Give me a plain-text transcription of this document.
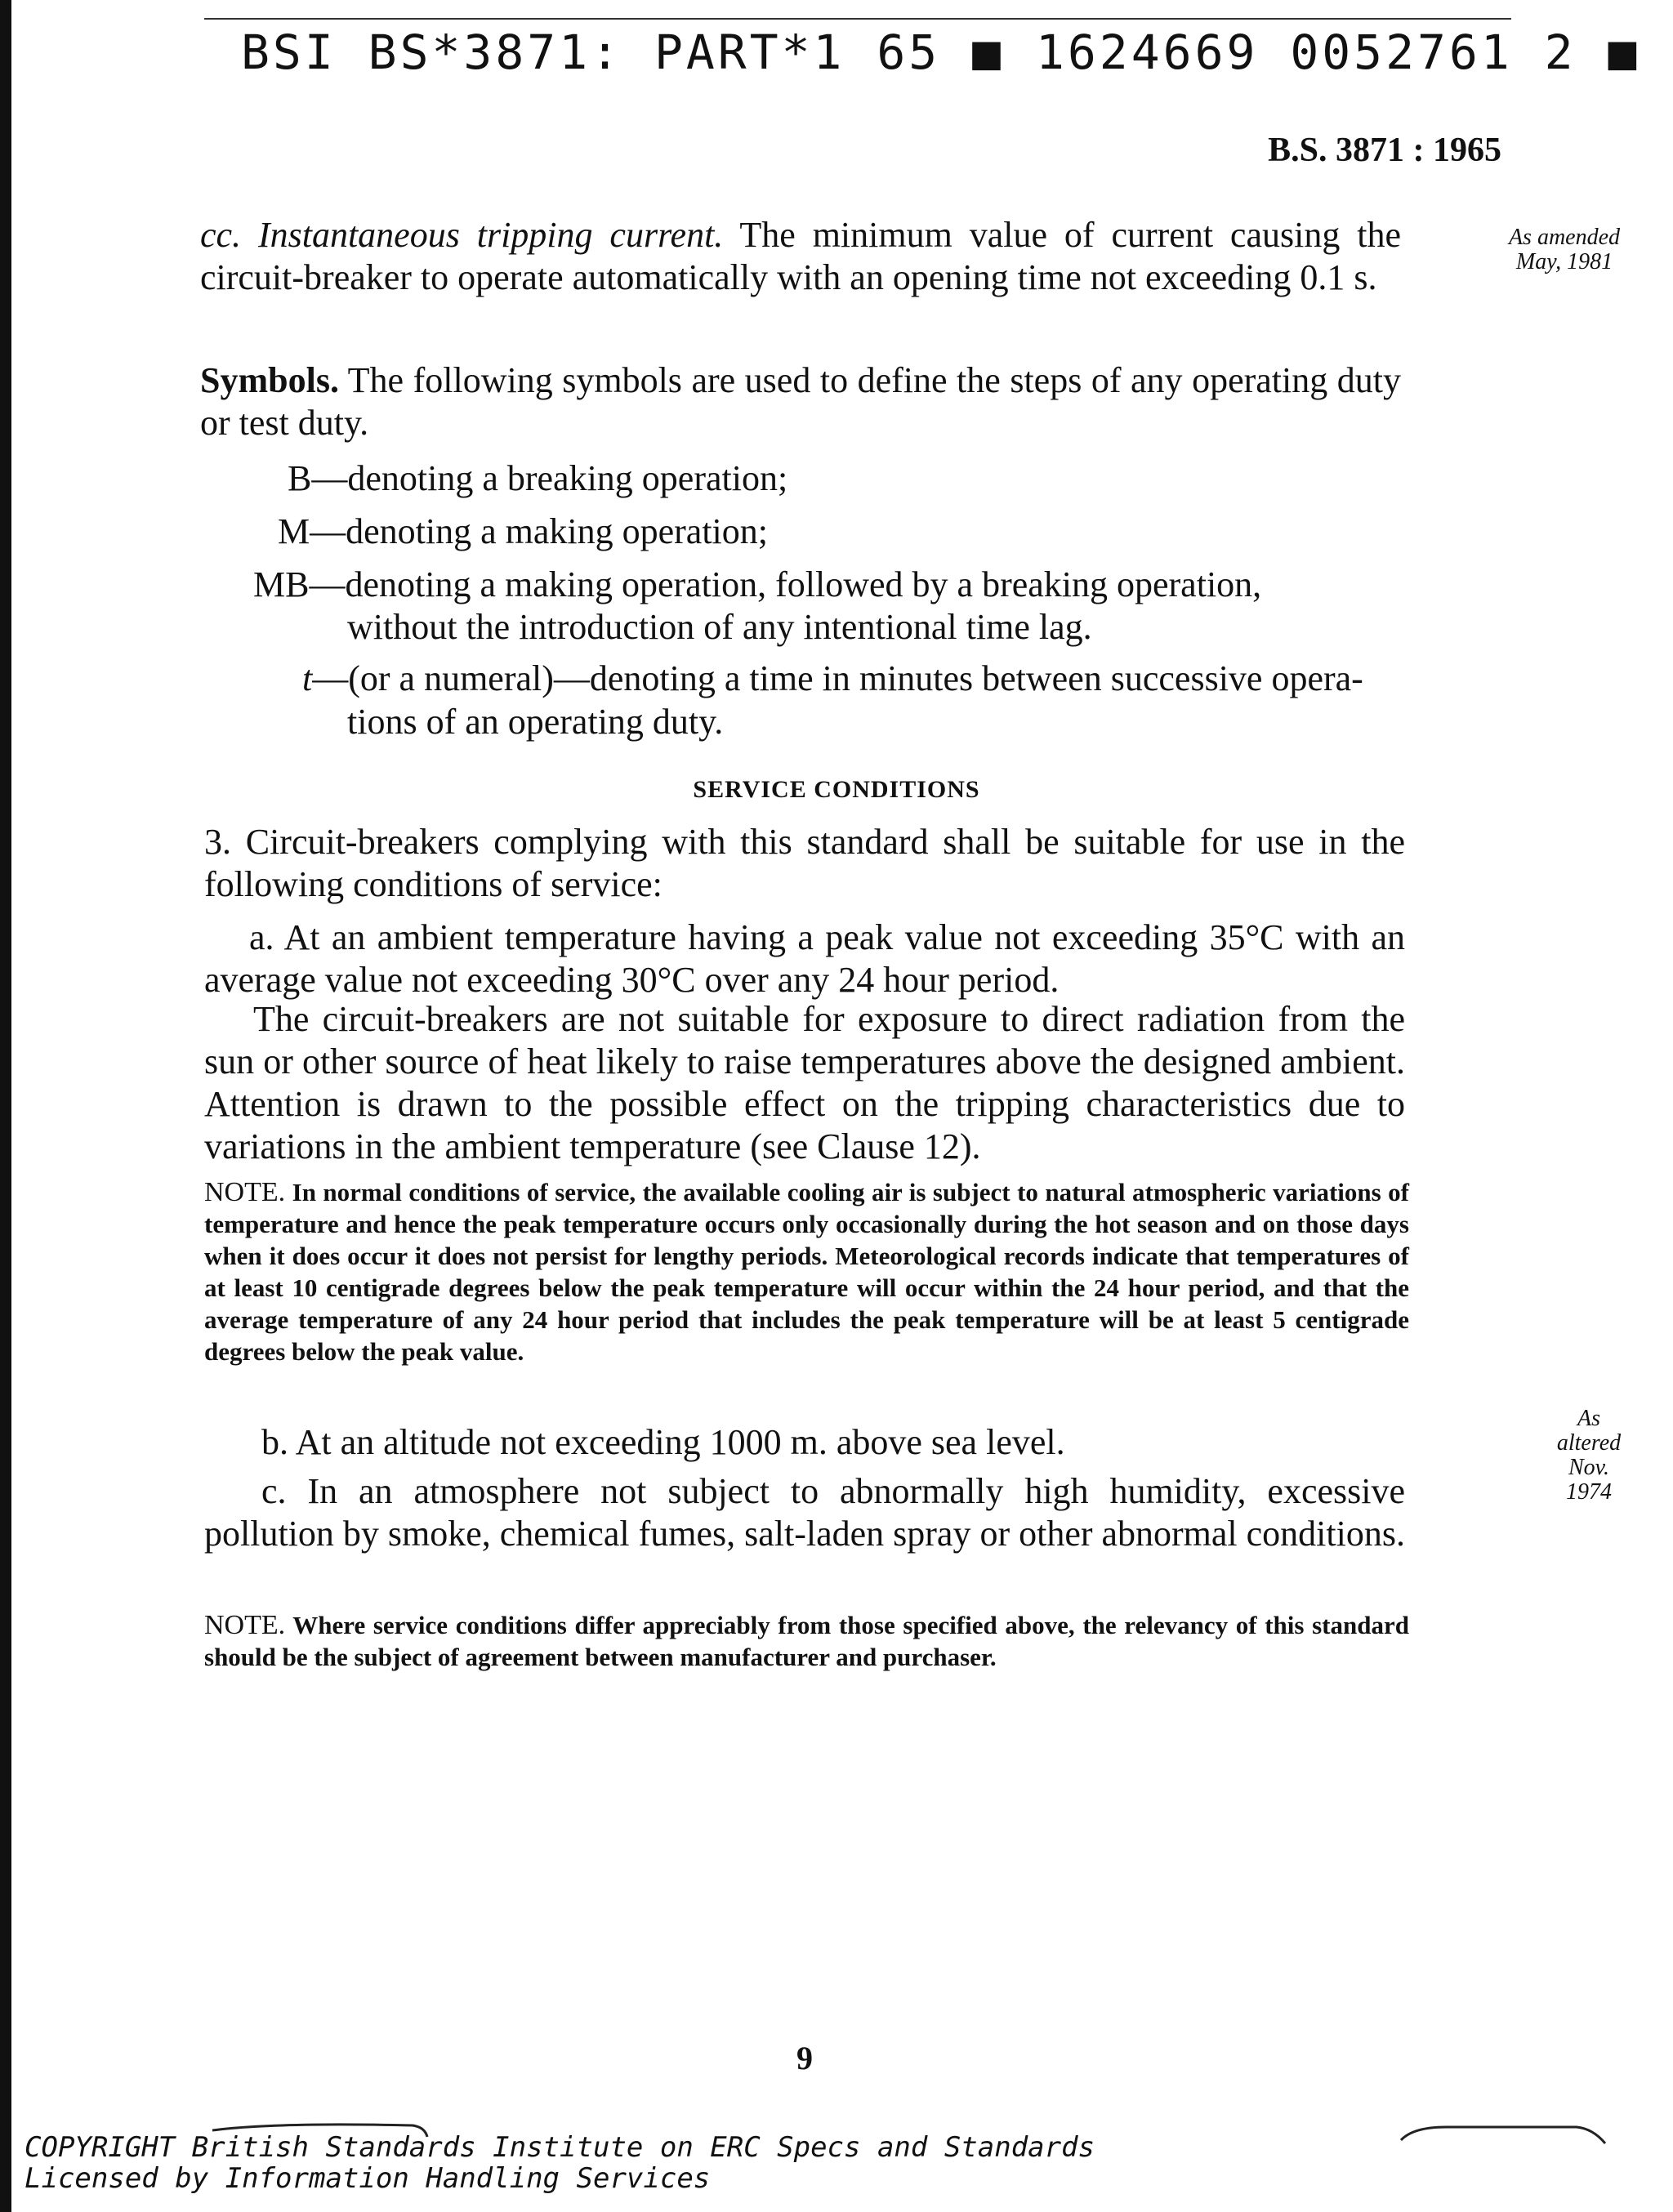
BSI BS*3871: PART*1 65 ■ 1624669 0052761 2 ■
B.S. 3871 : 1965
cc. Instantaneous tripping current. The minimum value of current causing the circuit-breaker to operate automatically with an opening time not exceeding 0.1 s.
As amended May, 1981
Symbols. The following symbols are used to define the steps of any operating duty or test duty.
B—denoting a breaking operation;
M—denoting a making operation;
MB—denoting a making operation, followed by a breaking operation,
without the introduction of any intentional time lag.
t—(or a numeral)—denoting a time in minutes between successive opera-
tions of an operating duty.
SERVICE CONDITIONS
3. Circuit-breakers complying with this standard shall be suitable for use in the following conditions of service:
a. At an ambient temperature having a peak value not exceeding 35°C with an average value not exceeding 30°C over any 24 hour period.
The circuit-breakers are not suitable for exposure to direct radiation from the sun or other source of heat likely to raise temperatures above the designed ambient. Attention is drawn to the possible effect on the tripping characteristics due to variations in the ambient temperature (see Clause 12).
NOTE. In normal conditions of service, the available cooling air is subject to natural atmospheric variations of temperature and hence the peak temperature occurs only occasionally during the hot season and on those days when it does occur it does not persist for lengthy periods. Meteorological records indicate that temperatures of at least 10 centigrade degrees below the peak temperature will occur within the 24 hour period, and that the average temperature of any 24 hour period that includes the peak temperature will be at least 5 centigrade degrees below the peak value.
b. At an altitude not exceeding 1000 m. above sea level.
As altered Nov. 1974
c. In an atmosphere not subject to abnormally high humidity, excessive pollution by smoke, chemical fumes, salt-laden spray or other abnormal conditions.
NOTE. Where service conditions differ appreciably from those specified above, the relevancy of this standard should be the subject of agreement between manufacturer and purchaser.
9
COPYRIGHT British Standards Institute on ERC Specs and Standards
Licensed by Information Handling Services
